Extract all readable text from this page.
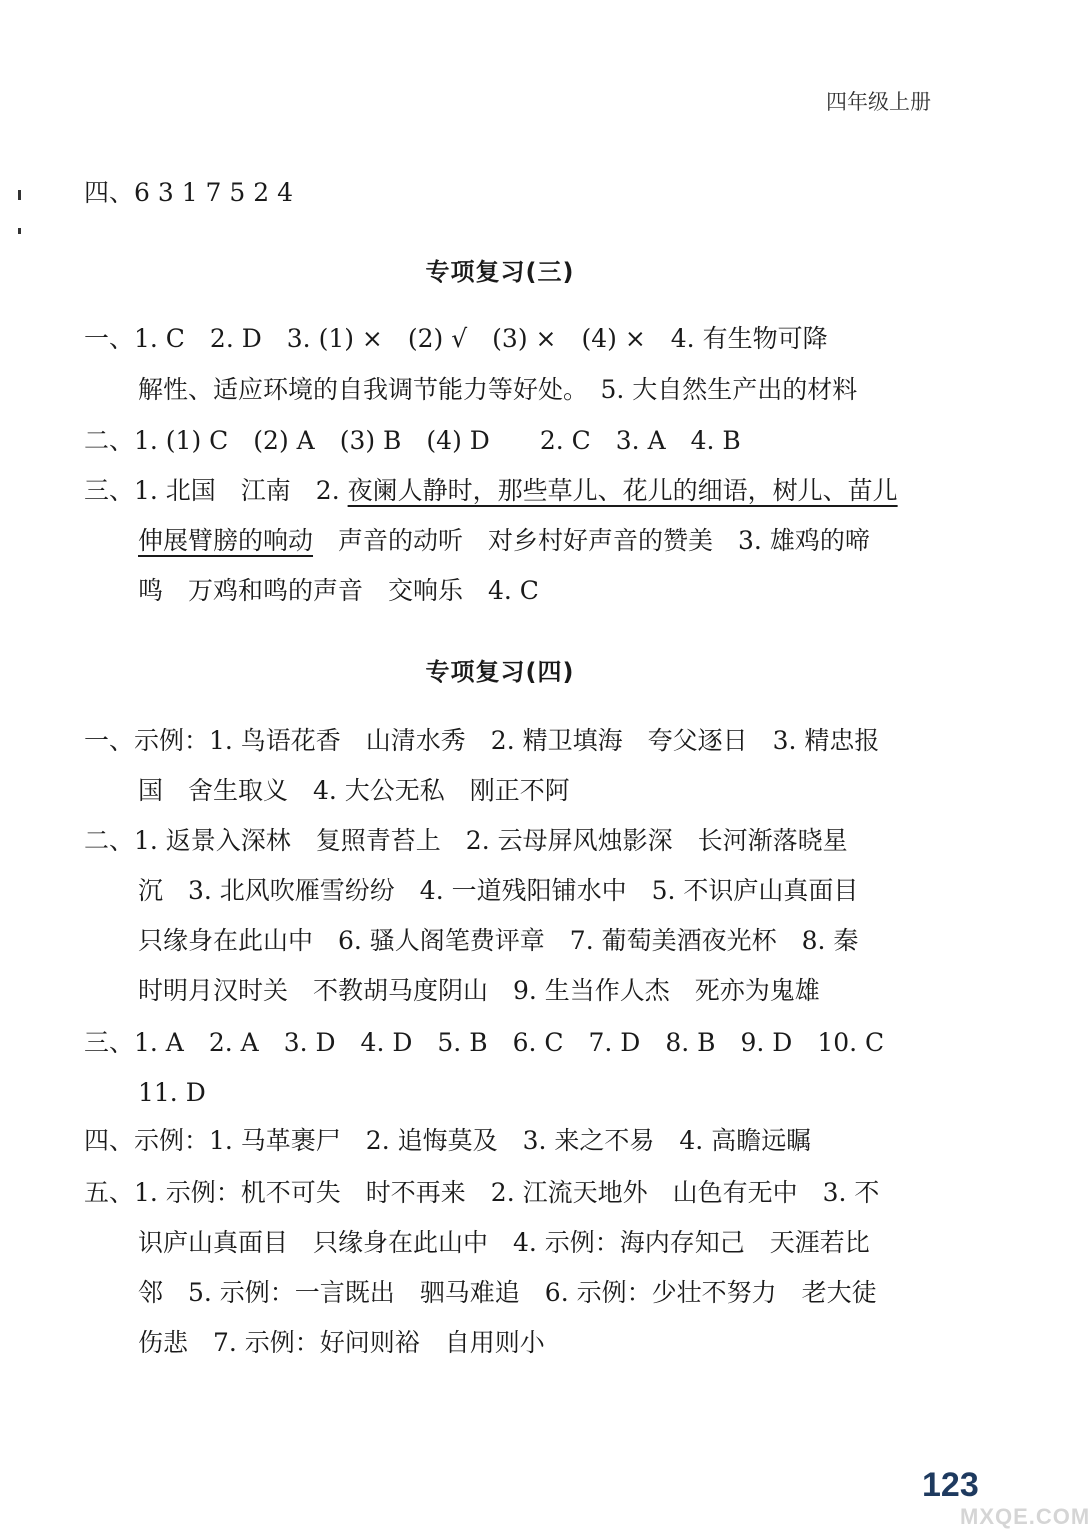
四年级上册
四、6 3 1 7 5 2 4
专项复习(三)
一、1. C　2. D　3. (1) ×　(2) √　(3) ×　(4) ×　4. 有生物可降
解性、适应环境的自我调节能力等好处。　5. 大自然生产出的材料
二、1. (1) C　(2) A　(3) B　(4) D　　2. C　3. A　4. B
三、1. 北国　江南　2. 夜阑人静时，那些草儿、花儿的细语，树儿、苗儿
伸展臂膀的响动　声音的动听　对乡村好声音的赞美　3. 雄鸡的啼
鸣　万鸡和鸣的声音　交响乐　4. C
专项复习(四)
一、示例：1. 鸟语花香　山清水秀　2. 精卫填海　夸父逐日　3. 精忠报
国　舍生取义　4. 大公无私　刚正不阿
二、1. 返景入深林　复照青苔上　2. 云母屏风烛影深　长河渐落晓星
沉　3. 北风吹雁雪纷纷　4. 一道残阳铺水中　5. 不识庐山真面目
只缘身在此山中　6. 骚人阁笔费评章　7. 葡萄美酒夜光杯　8. 秦
时明月汉时关　不教胡马度阴山　9. 生当作人杰　死亦为鬼雄
三、1. A　2. A　3. D　4. D　5. B　6. C　7. D　8. B　9. D　10. C
11. D
四、示例：1. 马革裹尸　2. 追悔莫及　3. 来之不易　4. 高瞻远瞩
五、1. 示例：机不可失　时不再来　2. 江流天地外　山色有无中　3. 不
识庐山真面目　只缘身在此山中　4. 示例：海内存知己　天涯若比
邻　5. 示例：一言既出　驷马难追　6. 示例：少壮不努力　老大徒
伤悲　7. 示例：好问则裕　自用则小
123
MXQE.COM
